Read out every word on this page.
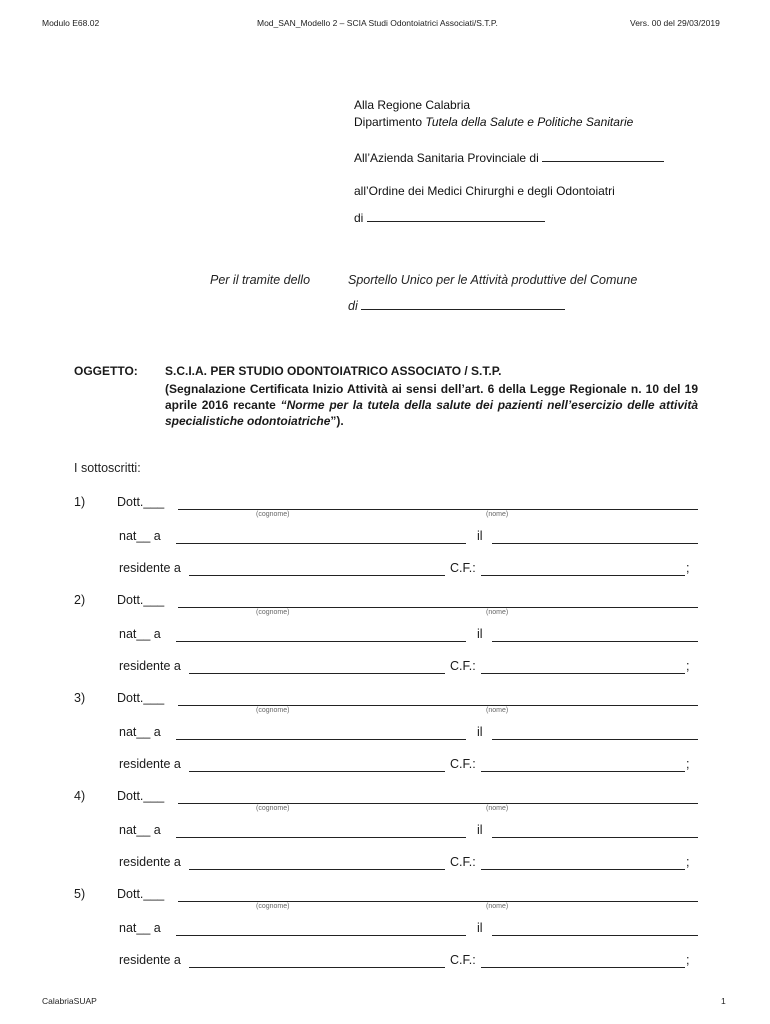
Modulo E68.02	Mod_SAN_Modello 2 – SCIA Studi Odontoiatrici Associati/S.T.P.	Vers. 00 del 29/03/2019
Alla Regione Calabria
Dipartimento Tutela della Salute e Politiche Sanitarie
All’Azienda Sanitaria Provinciale di
all’Ordine dei Medici Chirurghi e degli Odontoiatri
di
Per il tramite dello	Sportello Unico per le Attività produttive del Comune
di
OGGETTO: S.C.I.A. PER STUDIO ODONTOIATRICO ASSOCIATO / S.T.P.
(Segnalazione Certificata Inizio Attività ai sensi dell’art. 6 della Legge Regionale n. 10 del 19 aprile 2016 recante “Norme per la tutela della salute dei pazienti nell’esercizio delle attività specialistiche odontoiatriche”).
I sottoscritti:
1)	Dott.___
(cognome)	(nome)
nat__ a	il
residente a	C.F.:	;
2)	Dott.___
(cognome)	(nome)
nat__ a	il
residente a	C.F.:	;
3)	Dott.___
(cognome)	(nome)
nat__ a	il
residente a	C.F.:	;
4)	Dott.___
(cognome)	(nome)
nat__ a	il
residente a	C.F.:	;
5)	Dott.___
(cognome)	(nome)
nat__ a	il
residente a	C.F.:	;
CalabriaSUAP	1
